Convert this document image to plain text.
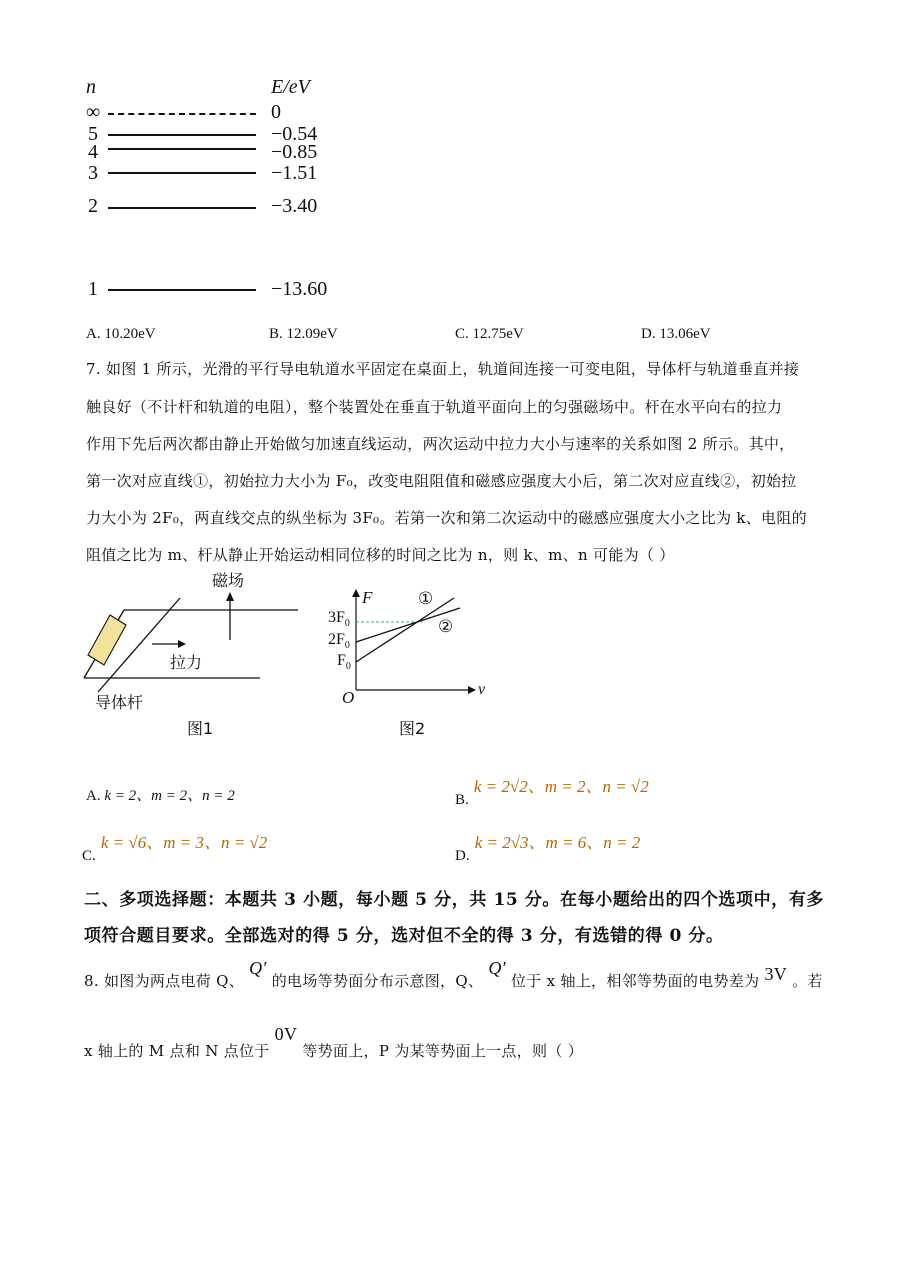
n	E/eV
∞	0
5	−0.54
4	−0.85
3	−1.51
2	−3.40
1	−13.60
A. 10.20eV	B. 12.09eV	C. 12.75eV	D. 13.06eV
7. 如图 1 所示，光滑的平行导电轨道水平固定在桌面上，轨道间连接一可变电阻，导体杆与轨道垂直并接
触良好（不计杆和轨道的电阻），整个装置处在垂直于轨道平面向上的匀强磁场中。杆在水平向右的拉力
作用下先后两次都由静止开始做匀加速直线运动，两次运动中拉力大小与速率的关系如图 2 所示。其中，
第一次对应直线①，初始拉力大小为 F₀，改变电阻阻值和磁感应强度大小后，第二次对应直线②，初始拉
力大小为 2F₀，两直线交点的纵坐标为 3F₀。若第一次和第二次运动中的磁感应强度大小之比为 k、电阻的
阻值之比为 m、杆从静止开始运动相同位移的时间之比为 n，则 k、m、n 可能为（ ）
磁场
拉力
导体杆
图1
F
v
O
①
②
$3F_0$
$2F_0$
$F_0$
图2
A. k = 2、m = 2、n = 2	B. k = 2√2、m = 2、n = √2
C. k = √6、m = 3、n = √2
D. k = 2√3、m = 6、n = 2
二、多项选择题：本题共 3 小题，每小题 5 分，共 15 分。在每小题给出的四个选项中，有多
项符合题目要求。全部选对的得 5 分，选对但不全的得 3 分，有选错的得 0 分。
8. 如图为两点电荷 Q、 Q′ 的电场等势面分布示意图，Q、 Q′ 位于 x 轴上，相邻等势面的电势差为 3V 。若
x 轴上的 M 点和 N 点位于 0V 等势面上，P 为某等势面上一点，则（ ）
